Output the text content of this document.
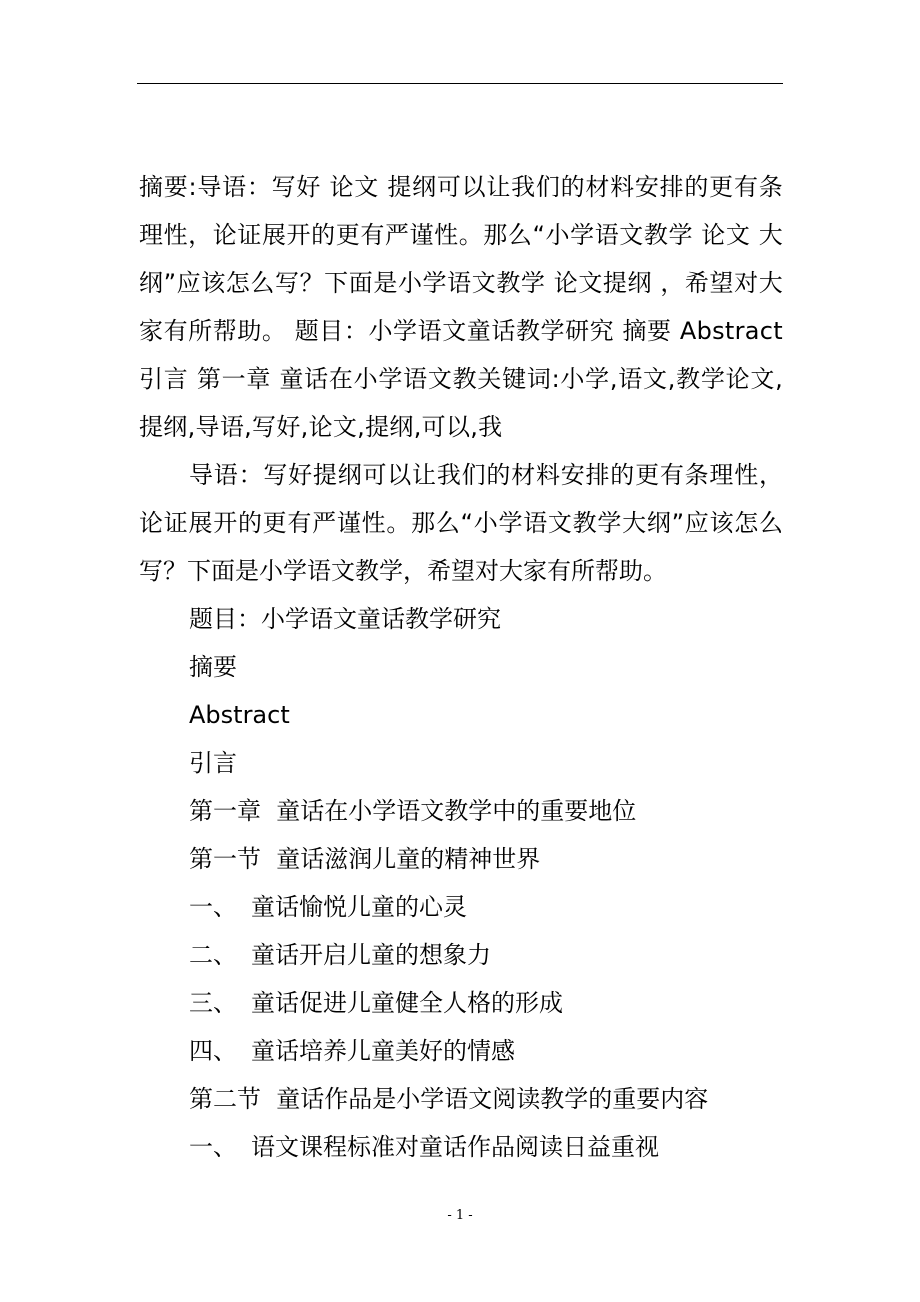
摘要:导语：写好 论文 提纲可以让我们的材料安排的更有条理性，论证展开的更有严谨性。那么“小学语文教学 论文 大纲”应该怎么写？下面是小学语文教学 论文提纲 ，希望对大家有所帮助。 题目：小学语文童话教学研究 摘要 Abstract 引言 第一章 童话在小学语文教关键词:小学,语文,教学论文,提纲,导语,写好,论文,提纲,可以,我

导语：写好提纲可以让我们的材料安排的更有条理性，论证展开的更有严谨性。那么“小学语文教学大纲”应该怎么写？下面是小学语文教学，希望对大家有所帮助。

题目：小学语文童话教学研究

摘要

Abstract

引言

第一章  童话在小学语文教学中的重要地位

第一节  童话滋润儿童的精神世界

一、 童话愉悦儿童的心灵

二、 童话开启儿童的想象力

三、 童话促进儿童健全人格的形成

四、 童话培养儿童美好的情感

第二节  童话作品是小学语文阅读教学的重要内容

一、 语文课程标准对童话作品阅读日益重视

- 1 -
